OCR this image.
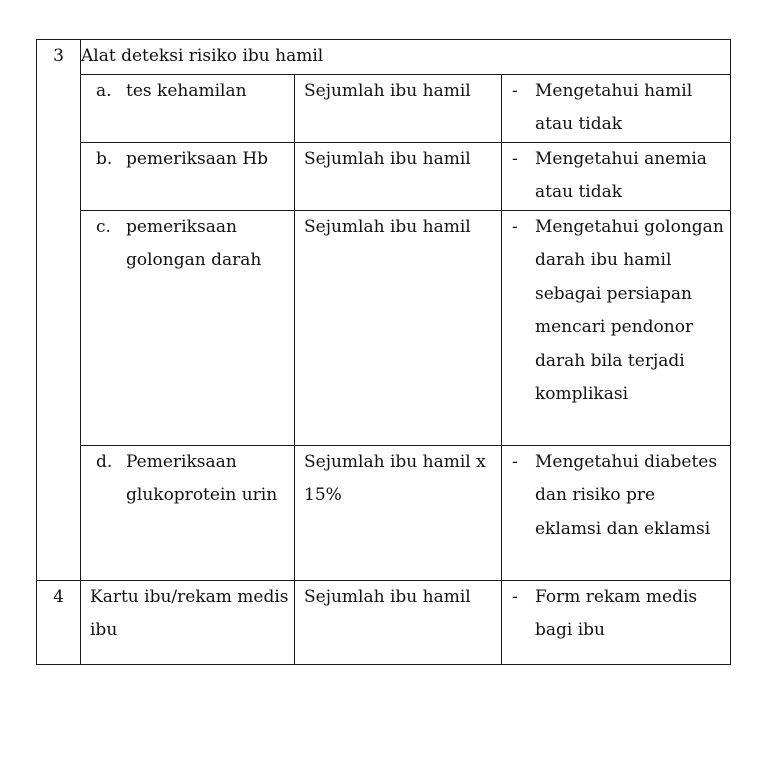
3	Alat deteksi risiko ibu hamil		

	a. tes kehamilan	Sejumlah ibu hamil	- Mengetahui hamil atau tidak

	b. pemeriksaan Hb	Sejumlah ibu hamil	- Mengetahui anemia atau tidak

	c. pemeriksaan golongan darah	Sejumlah ibu hamil	- Mengetahui golongan darah ibu hamil sebagai persiapan mencari pendonor darah bila terjadi komplikasi

	d. Pemeriksaan glukoprotein urin	Sejumlah ibu hamil x 15%	- Mengetahui diabetes dan risiko pre eklamsi dan eklamsi

4	Kartu ibu/rekam medis ibu	Sejumlah ibu hamil	- Form rekam medis bagi ibu
